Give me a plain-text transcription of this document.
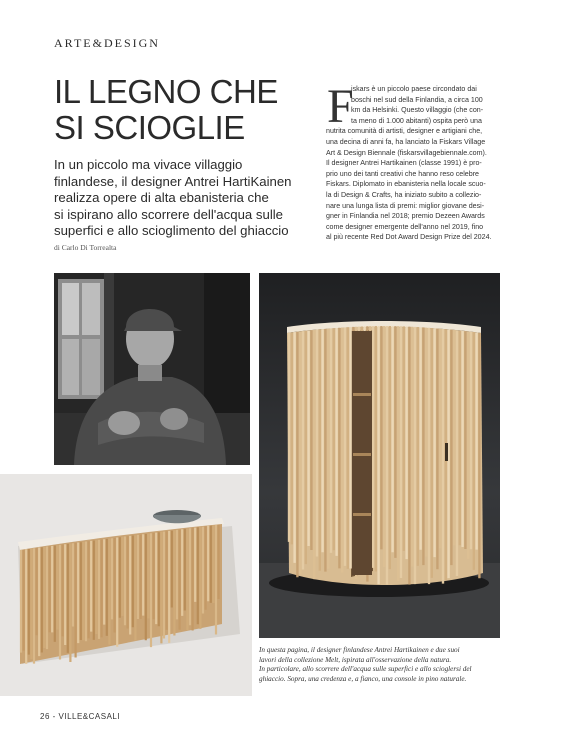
ARTE&DESIGN
IL LEGNO CHE
SI SCIOGLIE
In un piccolo ma vivace villaggio
finlandese, il designer Antrei HartiKainen
realizza opere di alta ebanisteria che
si ispirano allo scorrere dell'acqua sulle
superfici e allo scioglimento del ghiaccio
di Carlo Di Torrealta
F
iskars è un piccolo paese circondato dai
boschi nel sud della Finlandia, a circa 100
km da Helsinki. Questo villaggio (che con-
ta meno di 1.000 abitanti) ospita però una
nutrita comunità di artisti, designer e artigiani che,
una decina di anni fa, ha lanciato la Fiskars Village
Art & Design Biennale (fiskarsvillagebiennale.com).
Il designer Antrei Hartikainen (classe 1991) è pro-
prio uno dei tanti creativi che hanno reso celebre
Fiskars. Diplomato in ebanisteria nella locale scuo-
la di Design & Crafts, ha iniziato subito a collezio-
nare una lunga lista di premi: miglior giovane desi-
gner in Finlandia nel 2018; premio Dezeen Awards
come designer emergente dell'anno nel 2019, fino
al più recente Red Dot Award Design Prize del 2024.
In questa pagina, il designer finlandese Antrei Hartikainen e due suoi
lavori della collezione Melt, ispirata all'osservazione della natura.
In particolare, allo scorrere dell'acqua sulle superfici e allo scioglersi del
ghiaccio. Sopra, una credenza e, a fianco, una console in pino naturale.
26 - VILLE&CASALI
